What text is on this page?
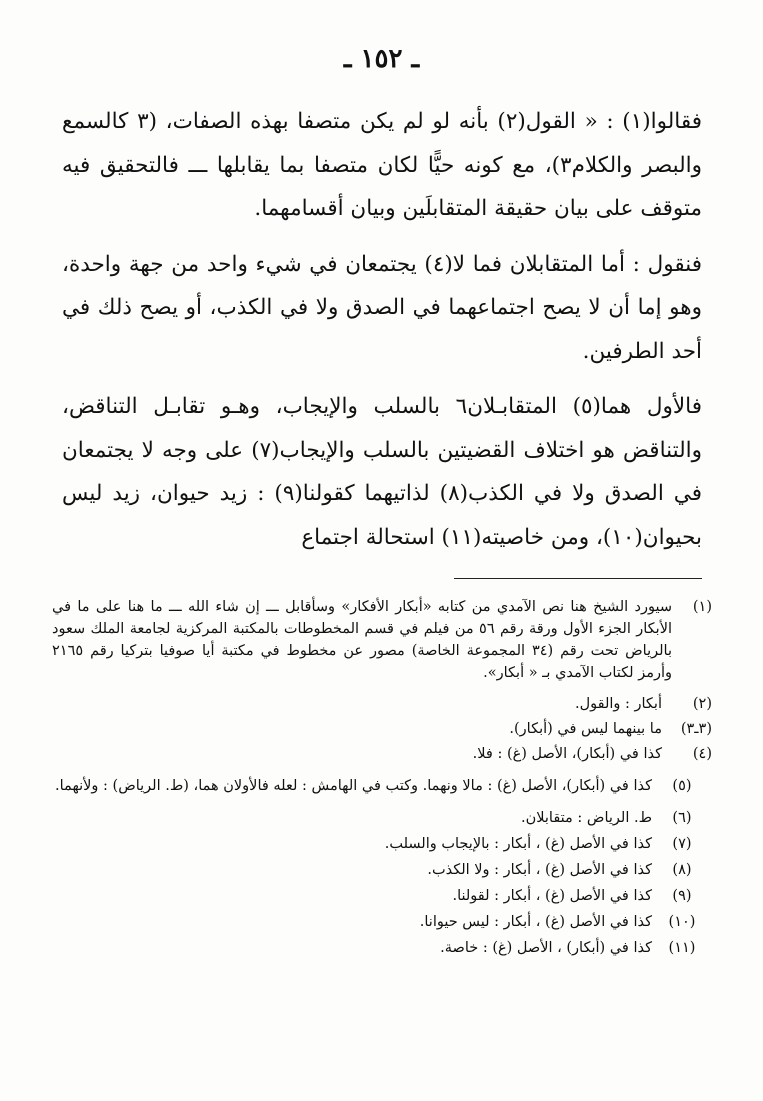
ـ ١٥٢ ـ

فقالوا(١) : « القول(٢) بأنه لو لم يكن متصفا بهذه الصفات، (٣ كالسمع والبصر والكلام٣)، مع كونه حيًّا لكان متصفا بما يقابلها ـــ فالتحقيق فيه متوقف على بيان حقيقة المتقابلَين وبيان أقسامهما.

فنقول : أما المتقابلان فما لا(٤) يجتمعان في شيء واحد من جهة واحدة، وهو إما أن لا يصح اجتماعهما في الصدق ولا في الكذب، أو يصح ذلك في أحد الطرفين.

فالأول هما(٥) المتقابـلان٦ بالسلب والإيجاب، وهـو تقابـل التناقض، والتناقض هو اختلاف القضيتين بالسلب والإيجاب(٧) على وجه لا يجتمعان في الصدق ولا في الكذب(٨) لذاتيهما كقولنا(٩) : زيد حيوان، زيد ليس بحيوان(١٠)، ومن خاصيته(١١) استحالة اجتماع

(١)
سيورد الشيخ هنا نص الآمدي من كتابه «أبكار الأفكار» وسأقابل ـــ إن شاء الله ـــ ما هنا على ما في الأبكار الجزء الأول ورقة رقم ٥٦ من فيلم في قسم المخطوطات بالمكتبة المركزية لجامعة الملك سعود بالرياض تحت رقم (٣٤ المجموعة الخاصة) مصور عن مخطوط في مكتبة أيا صوفيا بتركيا رقم ٢١٦٥ وأرمز لكتاب الآمدي بـ « أبكار».
(٢)
أبكار : والقول.
(٣ـ٣)
ما بينهما ليس في (أبكار).
(٤)
كذا في (أبكار)، الأصل (غ) : فلا.
(٥)
كذا في (أبكار)، الأصل (غ) : مالا ونهما. وكتب في الهامش : لعله فالأولان هما، (ط. الرياض) : ولأنهما.
(٦)
ط. الرياض : متقابلان.
(٧)
كذا في الأصل (غ) ، أبكار : بالإيجاب والسلب.
(٨)
كذا في الأصل (غ) ، أبكار : ولا الكذب.
(٩)
كذا في الأصل (غ) ، أبكار : لقولنا.
(١٠)
كذا في الأصل (غ) ، أبكار : ليس حيوانا.
(١١)
كذا في (أبكار) ، الأصل (غ) : خاصة.
